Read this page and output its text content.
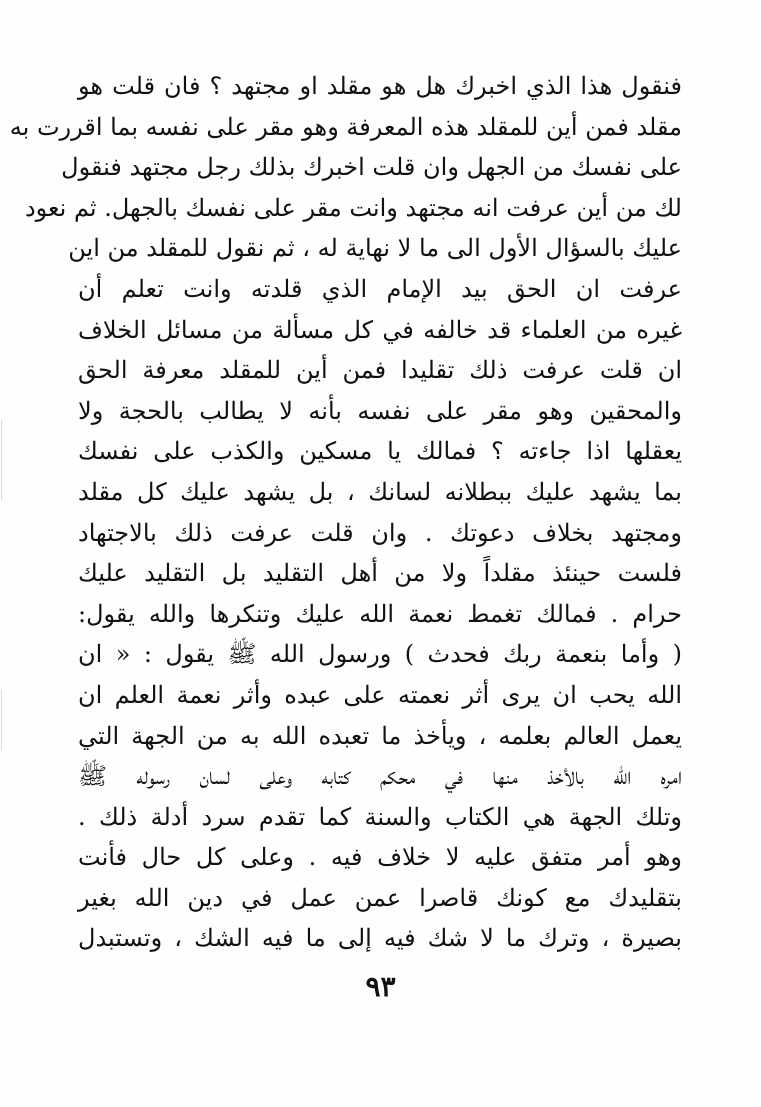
فنقول هذا الذي اخبرك هل هو مقلد او مجتهد ؟ فان قلت هو
مقلد فمن أين للمقلد هذه المعرفة وهو مقر على نفسه بما اقررت به
على نفسك من الجهل وان قلت اخبرك بذلك رجل مجتهد فنقول
لك من أين عرفت انه مجتهد وانت مقر على نفسك بالجهل. ثم نعود
عليك بالسؤال الأول الى ما لا نهاية له ، ثم نقول للمقلد من اين
عرفت ان الحق بيد الإمام الذي قلدته وانت تعلم أن
غيره من العلماء قد خالفه في كل مسألة من مسائل الخلاف
ان قلت عرفت ذلك تقليدا فمن أين للمقلد معرفة الحق
والمحقين وهو مقر على نفسه بأنه لا يطالب بالحجة ولا
يعقلها اذا جاءته ؟ فمالك يا مسكين والكذب على نفسك
بما يشهد عليك ببطلانه لسانك ، بل يشهد عليك كل مقلد
ومجتهد بخلاف دعوتك . وان قلت عرفت ذلك بالاجتهاد
فلست حينئذ مقلداً ولا من أهل التقليد بل التقليد عليك
حرام . فمالك تغمط نعمة الله عليك وتنكرها والله يقول:
( وأما بنعمة ربك فحدث ) ورسول الله ﷺ يقول : « ان
الله يحب ان يرى أثر نعمته على عبده وأثر نعمة العلم ان
يعمل العالم بعلمه ، ويأخذ ما تعبده الله به من الجهة التي
امره الله بالأخذ منها في محكم كتابه وعلى لسان رسوله ﷺ
وتلك الجهة هي الكتاب والسنة كما تقدم سرد أدلة ذلك .
وهو أمر متفق عليه لا خلاف فيه . وعلى كل حال فأنت
بتقليدك مع كونك قاصرا عمن عمل في دين الله بغير
بصيرة ، وترك ما لا شك فيه إلى ما فيه الشك ، وتستبدل
٩٣
